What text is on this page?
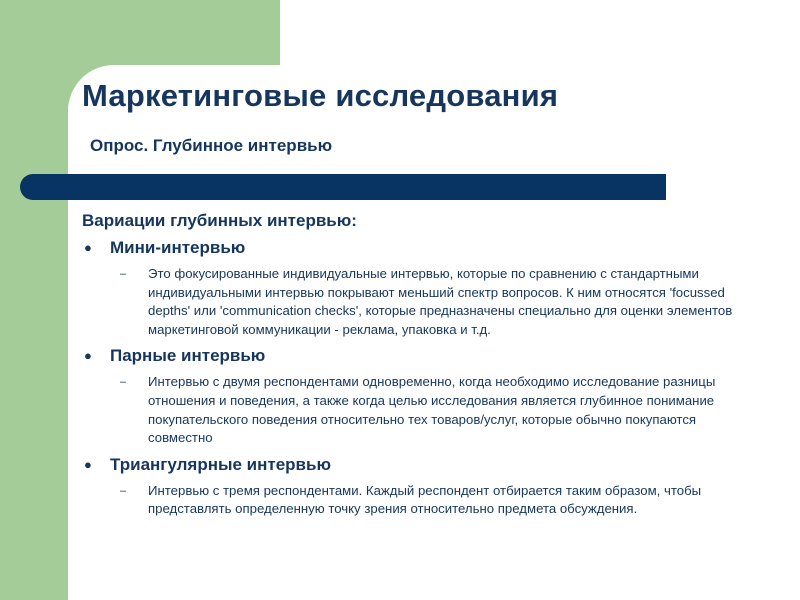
Маркетинговые исследования
Опрос. Глубинное интервью

Вариации глубинных интервью:

● Мини-интервью
– Это фокусированные индивидуальные интервью, которые по сравнению с стандартными индивидуальными интервью покрывают меньший спектр вопросов. К ним относятся 'focussed depths' или 'communication checks', которые предназначены специально для оценки элементов маркетинговой коммуникации - реклама, упаковка и т.д.
● Парные интервью
– Интервью с двумя респондентами одновременно, когда необходимо исследование разницы отношения и поведения, а также когда целью исследования является глубинное понимание покупательского поведения относительно тех товаров/услуг, которые обычно покупаются совместно
● Триангулярные интервью
– Интервью с тремя респондентами. Каждый респондент отбирается таким образом, чтобы представлять определенную точку зрения относительно предмета обсуждения.
